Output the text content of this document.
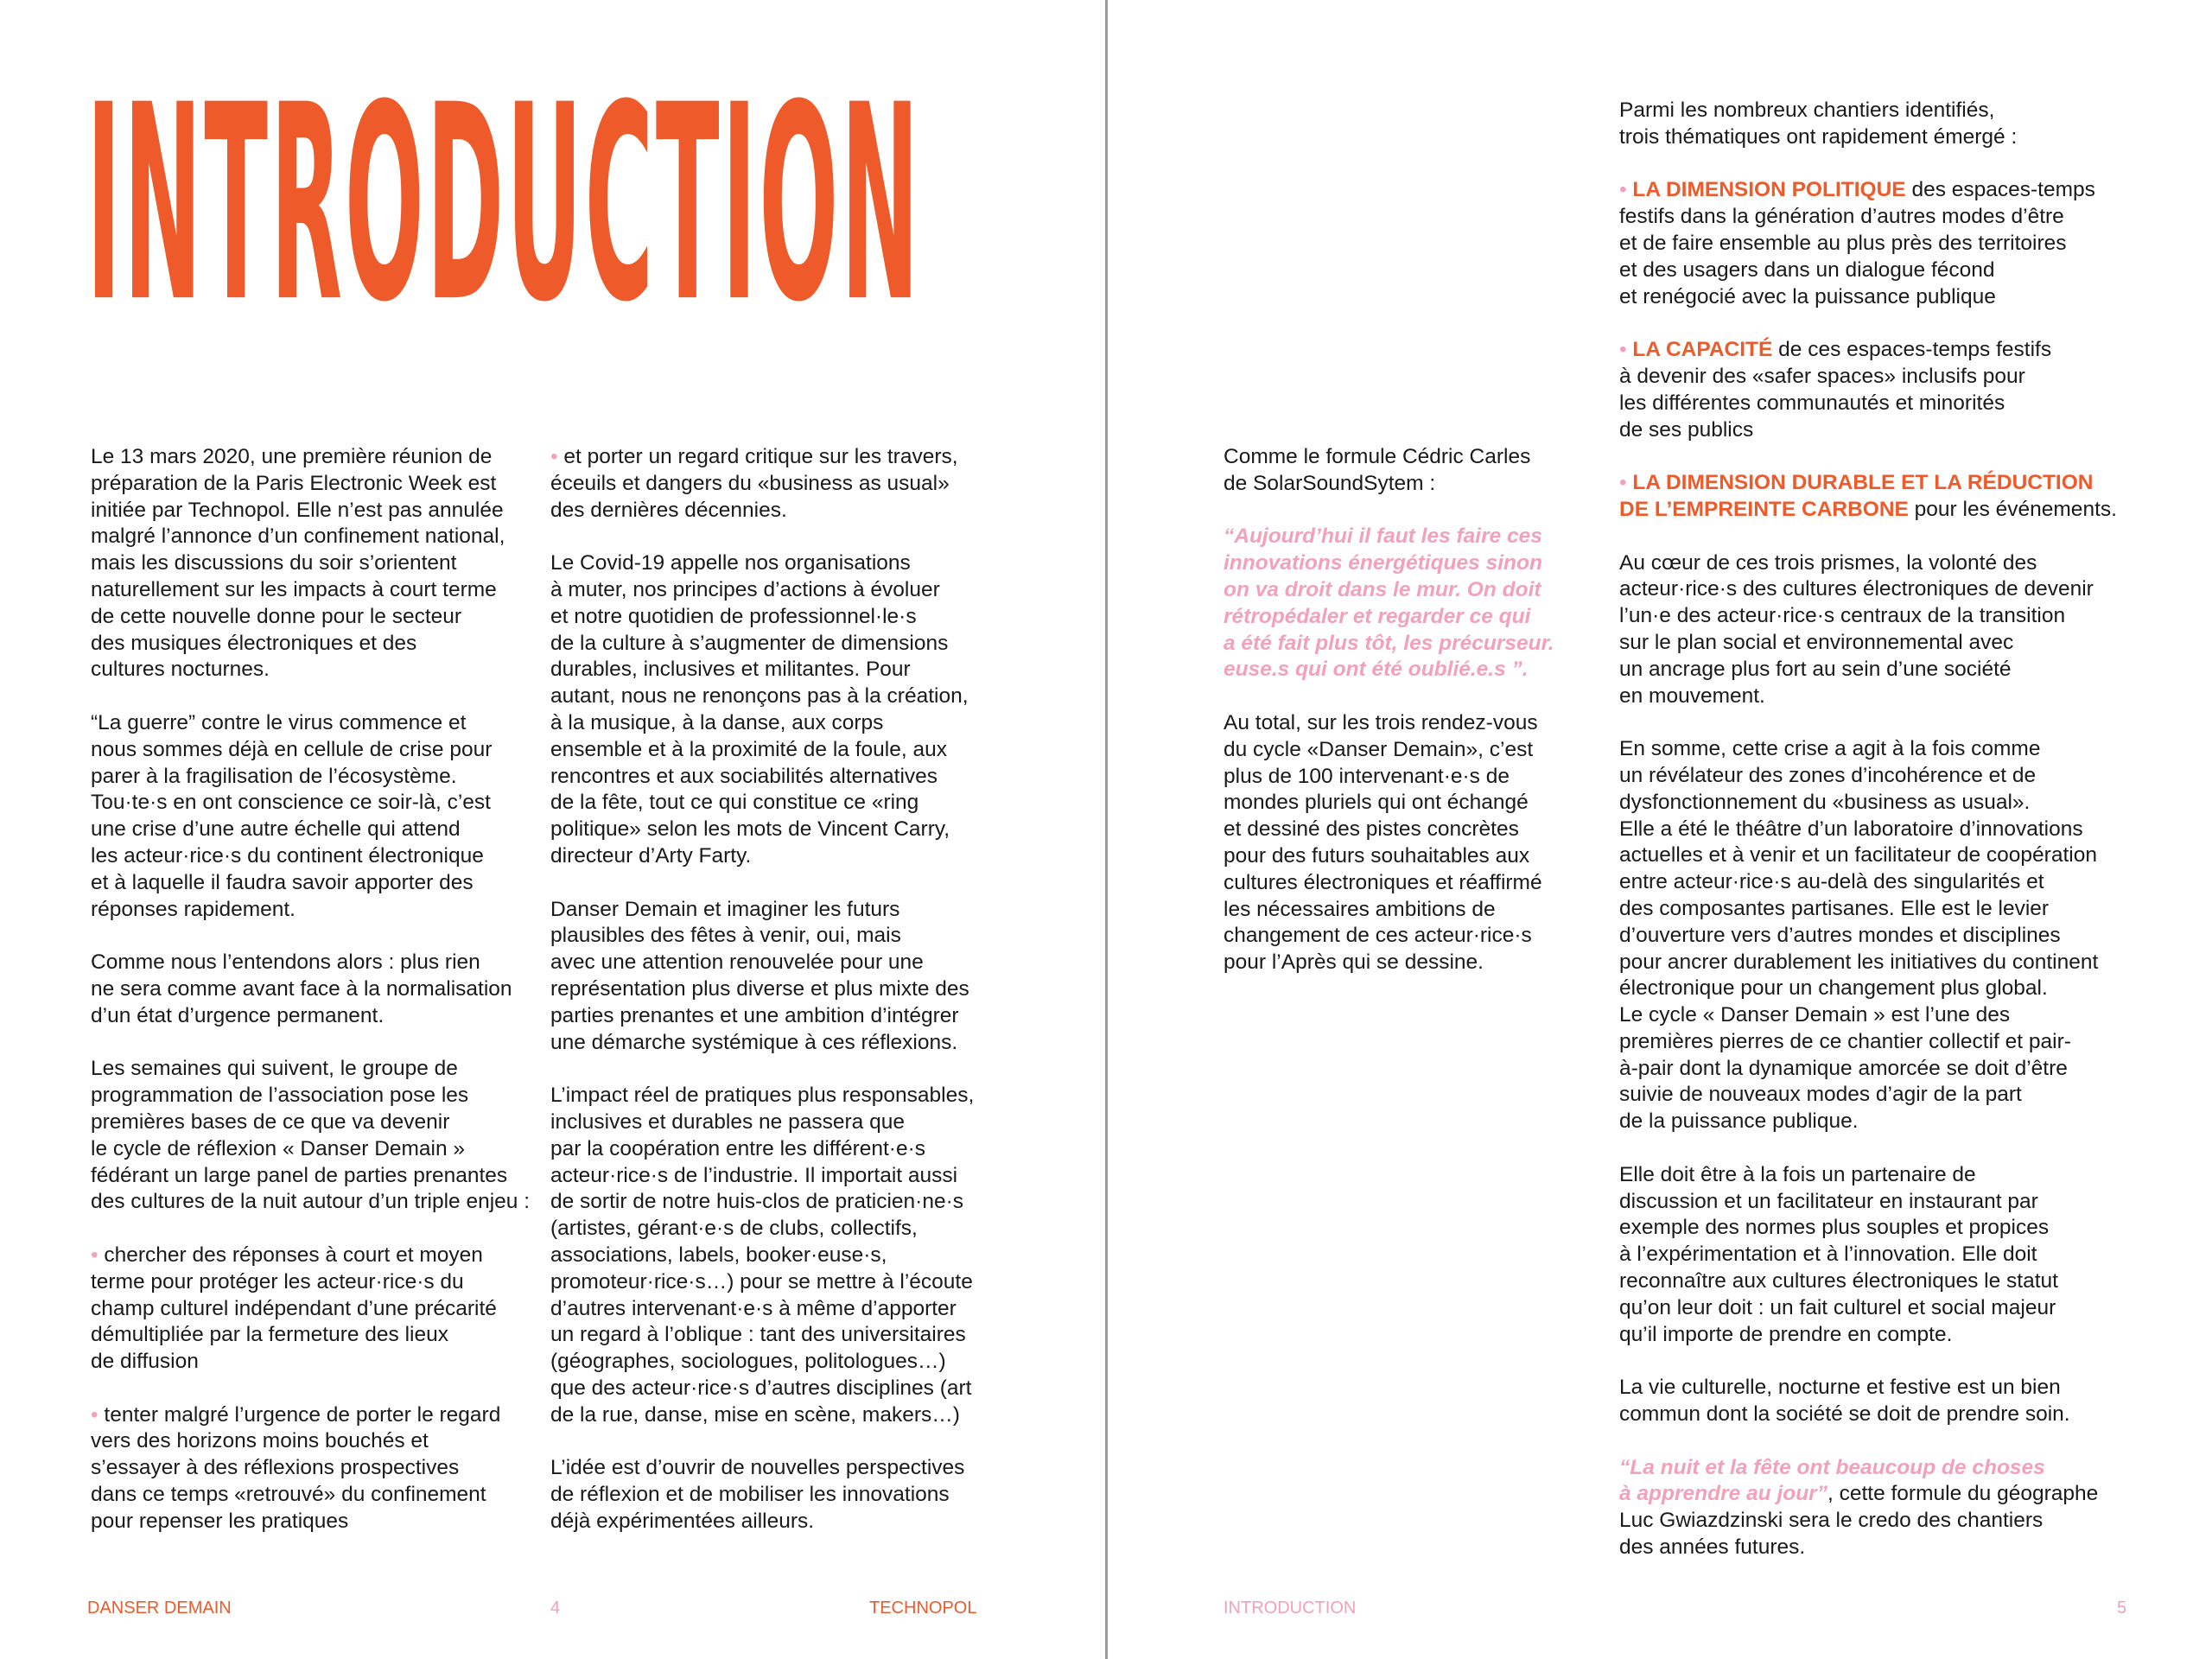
INTRODUCTION

Le 13 mars 2020, une première réunion de
préparation de la Paris Electronic Week est
initiée par Technopol. Elle n’est pas annulée
malgré l’annonce d’un confinement national,
mais les discussions du soir s’orientent
naturellement sur les impacts à court terme
de cette nouvelle donne pour le secteur
des musiques électroniques et des
cultures nocturnes.

“La guerre” contre le virus commence et
nous sommes déjà en cellule de crise pour
parer à la fragilisation de l’écosystème.
Tou·te·s en ont conscience ce soir-là, c’est
une crise d’une autre échelle qui attend
les acteur·rice·s du continent électronique
et à laquelle il faudra savoir apporter des
réponses rapidement.

Comme nous l’entendons alors : plus rien
ne sera comme avant face à la normalisation
d’un état d’urgence permanent.

Les semaines qui suivent, le groupe de
programmation de l’association pose les
premières bases de ce que va devenir
le cycle de réflexion « Danser Demain »
fédérant un large panel de parties prenantes
des cultures de la nuit autour d’un triple enjeu :

• chercher des réponses à court et moyen
terme pour protéger les acteur·rice·s du
champ culturel indépendant d’une précarité
démultipliée par la fermeture des lieux
de diffusion

• tenter malgré l’urgence de porter le regard
vers des horizons moins bouchés et
s’essayer à des réflexions prospectives
dans ce temps «retrouvé» du confinement
pour repenser les pratiques

• et porter un regard critique sur les travers,
éceuils et dangers du «business as usual»
des dernières décennies.

Le Covid-19 appelle nos organisations
à muter, nos principes d’actions à évoluer
et notre quotidien de professionnel·le·s
de la culture à s’augmenter de dimensions
durables, inclusives et militantes. Pour
autant, nous ne renonçons pas à la création,
à la musique, à la danse, aux corps
ensemble et à la proximité de la foule, aux
rencontres et aux sociabilités alternatives
de la fête, tout ce qui constitue ce «ring
politique» selon les mots de Vincent Carry,
directeur d’Arty Farty.

Danser Demain et imaginer les futurs
plausibles des fêtes à venir, oui, mais
avec une attention renouvelée pour une
représentation plus diverse et plus mixte des
parties prenantes et une ambition d’intégrer
une démarche systémique à ces réflexions.

L’impact réel de pratiques plus responsables,
inclusives et durables ne passera que
par la coopération entre les différent·e·s
acteur·rice·s de l’industrie. Il importait aussi
de sortir de notre huis-clos de praticien·ne·s
(artistes, gérant·e·s de clubs, collectifs,
associations, labels, booker·euse·s,
promoteur·rice·s…) pour se mettre à l’écoute
d’autres intervenant·e·s à même d’apporter
un regard à l’oblique : tant des universitaires
(géographes, sociologues, politologues…)
que des acteur·rice·s d’autres disciplines (art
de la rue, danse, mise en scène, makers…)

L’idée est d’ouvrir de nouvelles perspectives
de réflexion et de mobiliser les innovations
déjà expérimentées ailleurs.

DANSER DEMAIN	4	TECHNOPOL

Comme le formule Cédric Carles
de SolarSoundSytem :

“Aujourd’hui il faut les faire ces
innovations énergétiques sinon
on va droit dans le mur. On doit
rétropédaler et regarder ce qui
a été fait plus tôt, les précurseur.
euse.s qui ont été oublié.e.s ”.

Au total, sur les trois rendez-vous
du cycle «Danser Demain», c’est
plus de 100 intervenant·e·s de
mondes pluriels qui ont échangé
et dessiné des pistes concrètes
pour des futurs souhaitables aux
cultures électroniques et réaffirmé
les nécessaires ambitions de
changement de ces acteur·rice·s
pour l’Après qui se dessine.

Parmi les nombreux chantiers identifiés,
trois thématiques ont rapidement émergé :

• LA DIMENSION POLITIQUE des espaces-temps
festifs dans la génération d’autres modes d’être
et de faire ensemble au plus près des territoires
et des usagers dans un dialogue fécond
et renégocié avec la puissance publique

• LA CAPACITÉ de ces espaces-temps festifs
à devenir des «safer spaces» inclusifs pour
les différentes communautés et minorités
de ses publics

• LA DIMENSION DURABLE ET LA RÉDUCTION
DE L’EMPREINTE CARBONE pour les événements.

Au cœur de ces trois prismes, la volonté des
acteur·rice·s des cultures électroniques de devenir
l’un·e des acteur·rice·s centraux de la transition
sur le plan social et environnemental avec
un ancrage plus fort au sein d’une société
en mouvement.

En somme, cette crise a agit à la fois comme
un révélateur des zones d’incohérence et de
dysfonctionnement du «business as usual».
Elle a été le théâtre d’un laboratoire d’innovations
actuelles et à venir et un facilitateur de coopération
entre acteur·rice·s au-delà des singularités et
des composantes partisanes. Elle est le levier
d’ouverture vers d’autres mondes et disciplines
pour ancrer durablement les initiatives du continent
électronique pour un changement plus global.
Le cycle « Danser Demain » est l’une des
premières pierres de ce chantier collectif et pair-
à-pair dont la dynamique amorcée se doit d’être
suivie de nouveaux modes d’agir de la part
de la puissance publique.

Elle doit être à la fois un partenaire de
discussion et un facilitateur en instaurant par
exemple des normes plus souples et propices
à l’expérimentation et à l’innovation. Elle doit
reconnaître aux cultures électroniques le statut
qu’on leur doit : un fait culturel et social majeur
qu’il importe de prendre en compte.

La vie culturelle, nocturne et festive est un bien
commun dont la société se doit de prendre soin.

“La nuit et la fête ont beaucoup de choses
à apprendre au jour”, cette formule du géographe
Luc Gwiazdzinski sera le credo des chantiers
des années futures.

INTRODUCTION	5
